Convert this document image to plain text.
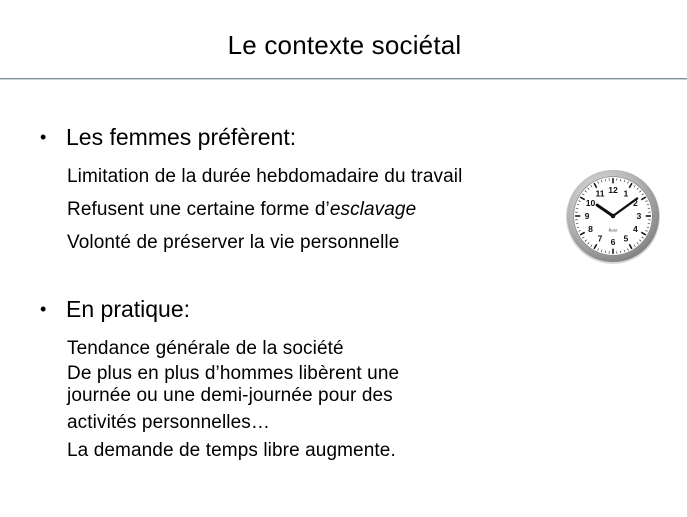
Le contexte sociétal
• Les femmes préfèrent:
Limitation de la durée hebdomadaire du travail
Refusent une certaine forme d’esclavage
Volonté de préserver la vie personnelle
• En pratique:
Tendance générale de la société
De plus en plus d’hommes libèrent une
journée ou une demi-journée pour des
activités personnelles…
La demande de temps libre augmente.
12 1
2
3
4
5
6
7
8
9
10
11
Bodet
